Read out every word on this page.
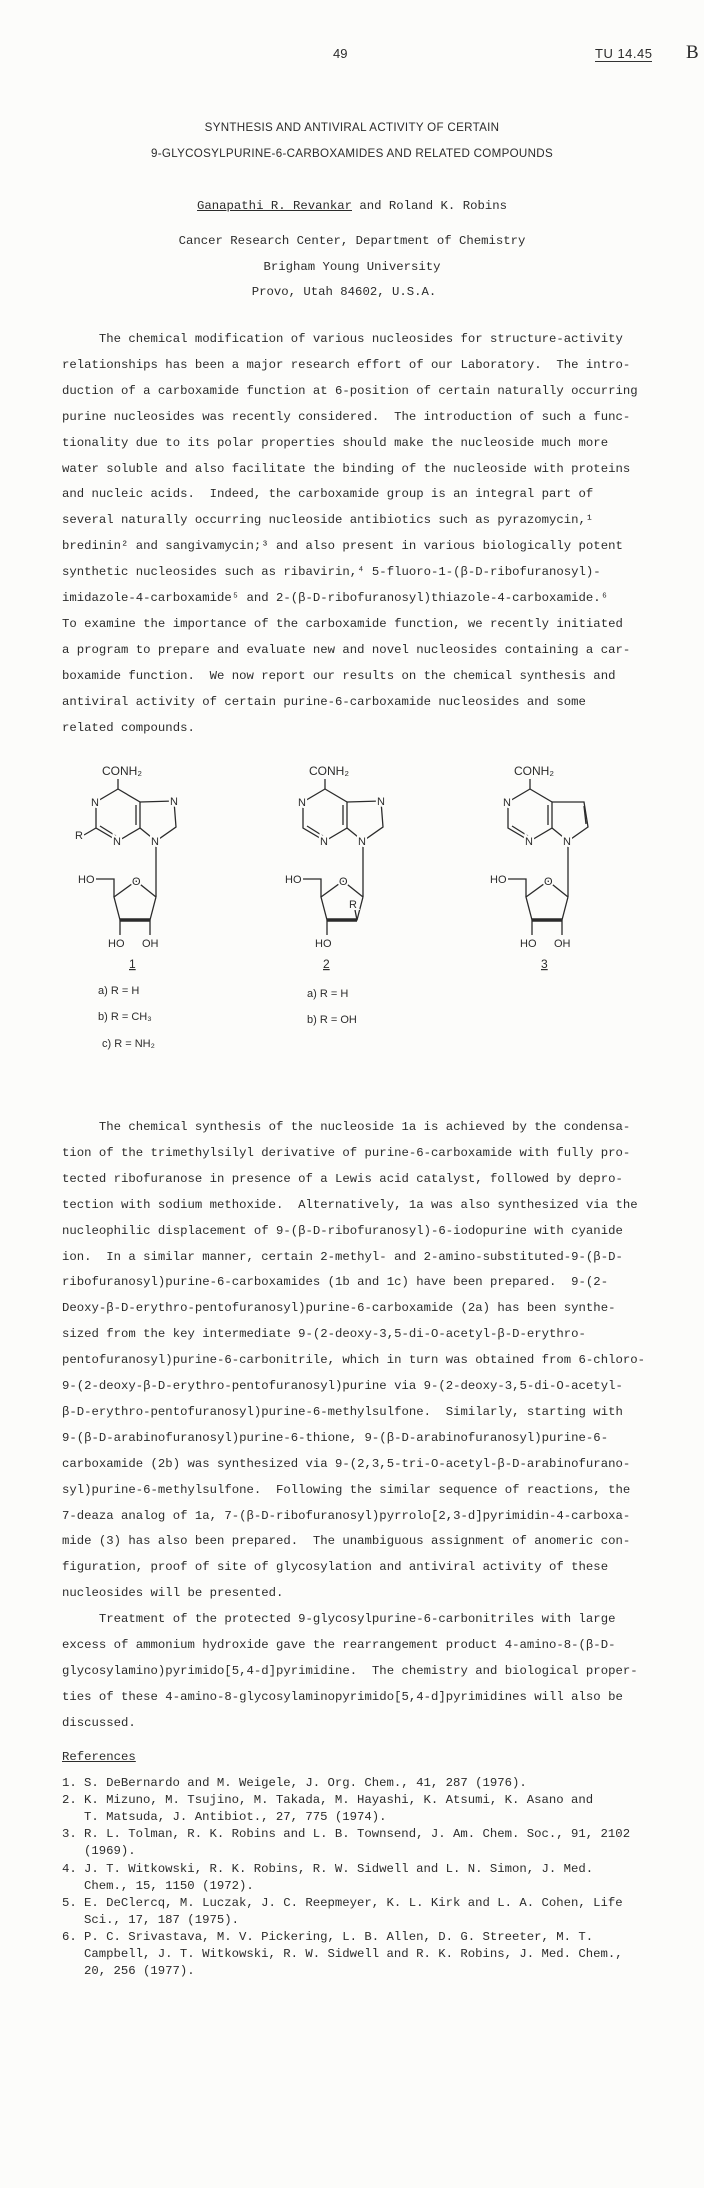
49	TU 14.45 B
SYNTHESIS AND ANTIVIRAL ACTIVITY OF CERTAIN
9-GLYCOSYLPURINE-6-CARBOXAMIDES AND RELATED COMPOUNDS
Ganapathi R. Revankar and Roland K. Robins
Cancer Research Center, Department of Chemistry
Brigham Young University
Provo, Utah 84602, U.S.A.
The chemical modification of various nucleosides for structure-activity
relationships has been a major research effort of our Laboratory.  The intro-
duction of a carboxamide function at 6-position of certain naturally occurring
purine nucleosides was recently considered.  The introduction of such a func-
tionality due to its polar properties should make the nucleoside much more
water soluble and also facilitate the binding of the nucleoside with proteins
and nucleic acids.  Indeed, the carboxamide group is an integral part of
several naturally occurring nucleoside antibiotics such as pyrazomycin,¹
bredinin² and sangivamycin;³ and also present in various biologically potent
synthetic nucleosides such as ribavirin,⁴ 5-fluoro-1-(β-D-ribofuranosyl)-
imidazole-4-carboxamide⁵ and 2-(β-D-ribofuranosyl)thiazole-4-carboxamide.⁶
To examine the importance of the carboxamide function, we recently initiated
a program to prepare and evaluate new and novel nucleosides containing a car-
boxamide function.  We now report our results on the chemical synthesis and
antiviral activity of certain purine-6-carboxamide nucleosides and some
related compounds.
CONH₂
N
N
N
N
R
O
HO
HO OH
1
a) R = H
b) R = CH₃
c) R = NH₂
CONH₂
N
N
N
N
O
R
HO
HO
2
a) R = H
b) R = OH
CONH₂
N
N	N
O
HO
HO OH
3
The chemical synthesis of the nucleoside 1a is achieved by the condensa-
tion of the trimethylsilyl derivative of purine-6-carboxamide with fully pro-
tected ribofuranose in presence of a Lewis acid catalyst, followed by depro-
tection with sodium methoxide.  Alternatively, 1a was also synthesized via the
nucleophilic displacement of 9-(β-D-ribofuranosyl)-6-iodopurine with cyanide
ion.  In a similar manner, certain 2-methyl- and 2-amino-substituted-9-(β-D-
ribofuranosyl)purine-6-carboxamides (1b and 1c) have been prepared.  9-(2-
Deoxy-β-D-erythro-pentofuranosyl)purine-6-carboxamide (2a) has been synthe-
sized from the key intermediate 9-(2-deoxy-3,5-di-O-acetyl-β-D-erythro-
pentofuranosyl)purine-6-carbonitrile, which in turn was obtained from 6-chloro-
9-(2-deoxy-β-D-erythro-pentofuranosyl)purine via 9-(2-deoxy-3,5-di-O-acetyl-
β-D-erythro-pentofuranosyl)purine-6-methylsulfone.  Similarly, starting with
9-(β-D-arabinofuranosyl)purine-6-thione, 9-(β-D-arabinofuranosyl)purine-6-
carboxamide (2b) was synthesized via 9-(2,3,5-tri-O-acetyl-β-D-arabinofurano-
syl)purine-6-methylsulfone.  Following the similar sequence of reactions, the
7-deaza analog of 1a, 7-(β-D-ribofuranosyl)pyrrolo[2,3-d]pyrimidin-4-carboxa-
mide (3) has also been prepared.  The unambiguous assignment of anomeric con-
figuration, proof of site of glycosylation and antiviral activity of these
nucleosides will be presented.
Treatment of the protected 9-glycosylpurine-6-carbonitriles with large
excess of ammonium hydroxide gave the rearrangement product 4-amino-8-(β-D-
glycosylamino)pyrimido[5,4-d]pyrimidine.  The chemistry and biological proper-
ties of these 4-amino-8-glycosylaminopyrimido[5,4-d]pyrimidines will also be
discussed.
References
1. S. DeBernardo and M. Weigele, J. Org. Chem., 41, 287 (1976).
2. K. Mizuno, M. Tsujino, M. Takada, M. Hayashi, K. Atsumi, K. Asano and
T. Matsuda, J. Antibiot., 27, 775 (1974).
3. R. L. Tolman, R. K. Robins and L. B. Townsend, J. Am. Chem. Soc., 91, 2102
(1969).
4. J. T. Witkowski, R. K. Robins, R. W. Sidwell and L. N. Simon, J. Med.
Chem., 15, 1150 (1972).
5. E. DeClercq, M. Luczak, J. C. Reepmeyer, K. L. Kirk and L. A. Cohen, Life
Sci., 17, 187 (1975).
6. P. C. Srivastava, M. V. Pickering, L. B. Allen, D. G. Streeter, M. T.
Campbell, J. T. Witkowski, R. W. Sidwell and R. K. Robins, J. Med. Chem.,
20, 256 (1977).
